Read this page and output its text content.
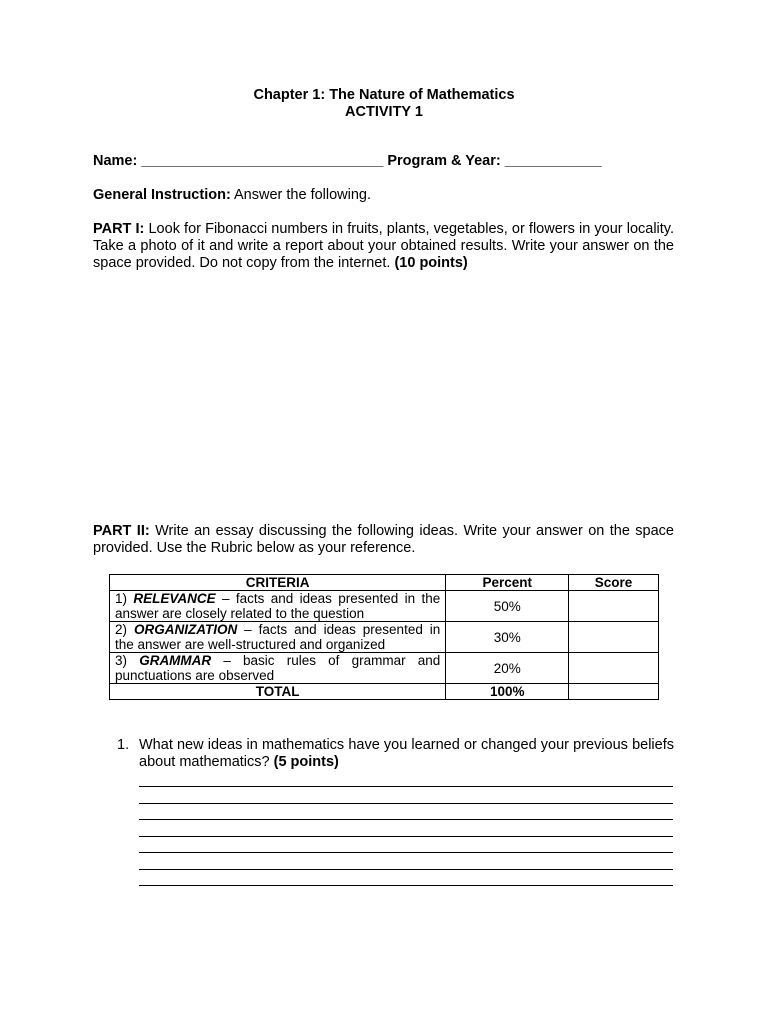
Chapter 1: The Nature of Mathematics
ACTIVITY 1
Name: ______________________________ Program & Year: ____________
General Instruction: Answer the following.
PART I: Look for Fibonacci numbers in fruits, plants, vegetables, or flowers in your locality. Take a photo of it and write a report about your obtained results. Write your answer on the space provided. Do not copy from the internet. (10 points)
PART II: Write an essay discussing the following ideas. Write your answer on the space provided. Use the Rubric below as your reference.
CRITERIA	Percent	Score
1) RELEVANCE – facts and ideas presented in the answer are closely related to the question	50%	
2) ORGANIZATION – facts and ideas presented in the answer are well-structured and organized	30%	
3) GRAMMAR – basic rules of grammar and punctuations are observed	20%	
TOTAL	100%	
1. What new ideas in mathematics have you learned or changed your previous beliefs about mathematics? (5 points)
